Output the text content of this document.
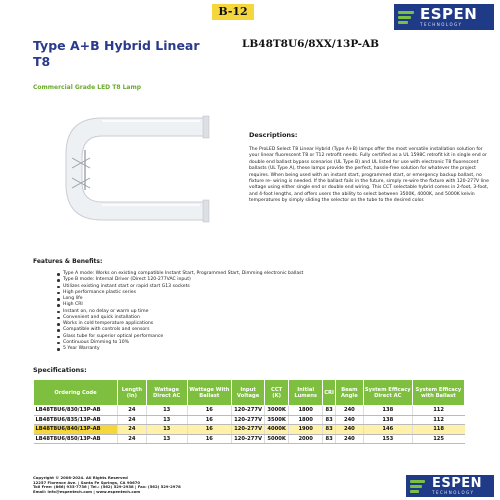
B-12	ESPEN
TECHNOLOGY
Type A+B Hybrid Linear T8
LB48T8U6/8XX/13P-AB
Commercial Grade LED T8 Lamp
Descriptions:
The ProLED Select T8 Linear Hybrid (Type A+B) lamps offer the most versatile installation solution for your linear fluorescent T8 or T12 retrofit needs. Fully certified as a UL 1598C retrofit kit in single end or double end ballast bypass scenarios (UL Type B) and UL listed for use with electronic T8 fluorescent ballasts (UL Type A), these lamps provide the perfect, hassle-free solution for whatever the project requires. When being used with an instant start, programmed start, or emergency backup ballast, no fixture re- wiring is needed. If the ballast fails in the future, simply re-wire the fixture with 120-277V line voltage using either single end or double end wiring. This CCT selectable hybrid comes in 2-foot, 3-foot, and 4-foot lengths, and offers users the ability to select between 3500K, 4000K, and 5000K kelvin temperatures by simply sliding the selector on the tube to the desired color.
Features & Benefits:
Type A mode: Works on existing compatible Instant Start, Programmed Start, Dimming electronic ballast
Type B mode: Internal Driver (Direct 120-277VAC input)
Utilizes existing instant start or rapid start G13 sockets
High performance plastic series
Long life
High CRI
Instant on, no delay or warm up time
Convenient and quick installation
Works in cold temperature applications
Compatible with controls and sensors
Glass tube for superior optical performance
Continuous Dimming to 10%
5 Year Warranty
Specifications:
Ordering Code	Length (in)	Wattage Direct AC	Wattage With Ballast	Input Voltage	CCT (K)	Initial Lumens	CRI	Beam Angle	System Efficacy Direct AC	System Efficacy with Ballast
LB48T8U6/830/13P-AB	24	13	16	120-277V	3000K	1800	83	240	138	112
LB48T8U6/835/13P-AB	24	13	16	120-277V	3500K	1800	83	240	138	112
LB48T8U6/840/13P-AB	24	13	16	120-277V	4000K	1900	83	240	146	118
LB48T8U6/850/13P-AB	24	13	16	120-277V	5000K	2000	83	240	153	125
Copyright © 2008-2024. All Rights Reserved
12257 Florence Ave. | Santa Fe Springs, CA 90670
Toll Free: (866) 933-7736 | Tel.: (562) 529-2938 | Fax: (562) 529-2978
Email: info@espentech.com | www.espentech.com
ESPEN
TECHNOLOGY
